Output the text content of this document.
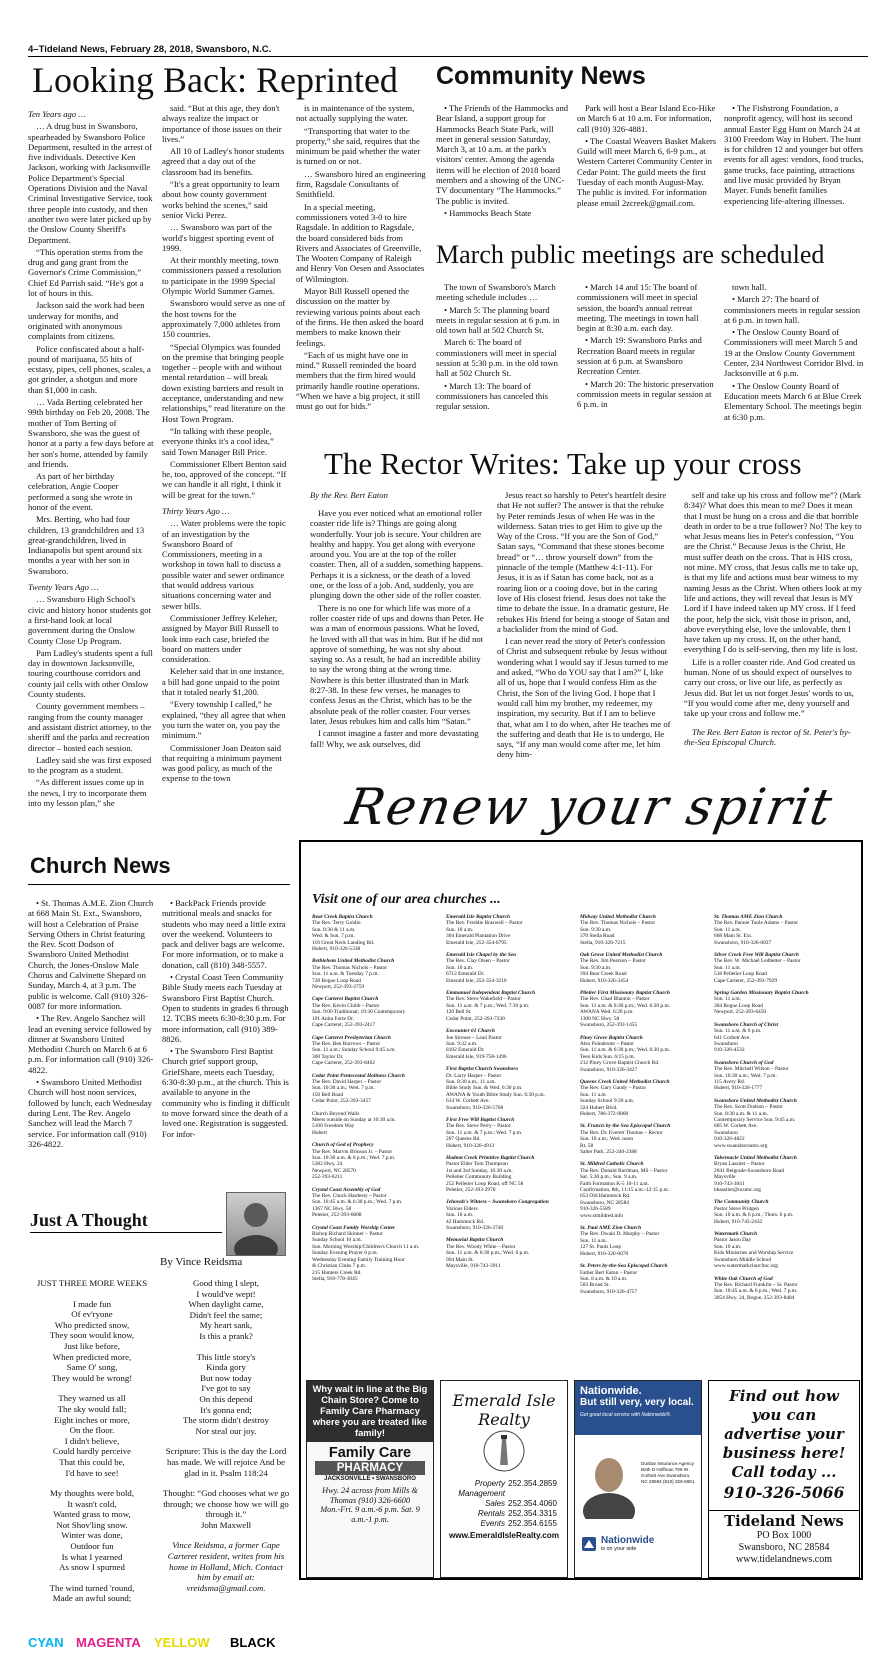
4–Tideland News, February 28, 2018, Swansboro, N.C.
Looking Back: Reprinted

Ten Years ago …

… A drug bust in Swansboro, spearheaded by Swansboro Police Department, resulted in the arrest of five individuals. Detective Ken Jackson, working with Jacksonville Police Department's Special Operations Division and the Naval Criminal Investigative Service, took three people into custody, and then another two were later picked up by the Onslow County Sheriff's Department.

“This operation stems from the drug and gang grant from the Governor's Crime Commission,” Chief Ed Parrish said. “He's got a lot of hours in this.

Jackson said the work had been underway for months, and originated with anonymous complaints from citizens.

Police confiscated about a half-pound of marijuana, 55 hits of ecstasy, pipes, cell phones, scales, a got grinder, a shotgun and more than $1,000 in cash.

… Vada Berting celebrated her 99th birthday on Feb 20, 2008. The mother of Tom Berting of Swansboro, she was the guest of honor at a party a few days before at her son's home, attended by family and friends.

As part of her birthday celebration, Angie Cooper performed a song she wrote in honor of the event.

Mrs. Berting, who had four children, 13 grandchildren and 13 great-grandchildren, lived in Indianapolis but spent around six months a year with her son in Swansboro.

Twenty Years Ago …

… Swansboro High School's civic and history honor students got a first-hand look at local government during the Onslow County Close Up Program.

Pam Ladley's students spent a full day in downtown Jacksonville, touring courthouse corridors and county jail cells with other Onslow County students.

County government members – ranging from the county manager and assistant district attorney, to the sheriff and the parks and recreation director – hosted each session.

Ladley said she was first exposed to the program as a student.

“As different issues come up in the news, I try to incorporate them into my lesson plan,” she

said. “But at this age, they don't always realize the impact or importance of those issues on their lives.”

All 10 of Ladley's honor students agreed that a day out of the classroom had its benefits.

“It's a great opportunity to learn about how county government works behind the scenes,” said senior Vicki Perez.

… Swansboro was part of the world's biggest sporting event of 1999.

At their monthly meeting, town commissioners passed a resolution to participate in the 1999 Special Olympic World Summer Games.

Swansboro would serve as one of the host towns for the approximately 7,000 athletes from 150 countries.

“Special Olympics was founded on the premise that bringing people together – people with and without mental retardation – will break down existing barriers and result in acceptance, understanding and new relationships,” read literature on the Host Town Program.

“In talking with these people, everyone thinks it's a cool idea,” said Town Manager Bill Price.

Commissioner Elbert Benton said he, too, approved of the concept. “If we can handle it all right, I think it will be great for the town.”

Thirty Years Ago …

… Water problems were the topic of an investigation by the Swansboro Board of Commissioners, meeting in a workshop in town hall to discuss a possible water and sewer ordinance that would address various situations concerning water and sewer bills.

Commissioner Jeffrey Keleher, assigned by Mayor Bill Russell to look into each case, briefed the board on matters under consideration.

Keleher said that in one instance, a bill had gone unpaid to the point that it totaled nearly $1,200.

“Every township I called,” he explained, “they all agree that when you turn the water on, you pay the minimum.”

Commissioner Joan Deaton said that requiring a minimum payment was good policy, as much of the expense to the town

is in maintenance of the system, not actually supplying the water.

“Transporting that water to the property,” she said, requires that the minimum be paid whether the water is turned on or not.

… Swansboro hired an engineering firm, Ragsdale Consultants of Smithfield.

In a special meeting, commissioners voted 3-0 to hire Ragsdale. In addition to Ragsdale, the board considered bids from Rivers and Associates of Greenville, The Wooten Company of Raleigh and Henry Von Oesen and Associates of Wilmington.

Mayor Bill Russell opened the discussion on the matter by reviewing various points about each of the firms. He then asked the board members to make known their feelings.

“Each of us might have one in mind.” Russell reminded the board members that the firm hired would primarily handle routine operations. “When we have a big project, it still must go out for bids.”

Community News

• The Friends of the Hammocks and Bear Island, a support group for Hammocks Beach State Park, will meet in general session Saturday, March 3, at 10 a.m. at the park's visitors' center. Among the agenda items will be election of 2018 board members and a showing of the UNC-TV documentary “The Hammocks.” The public is invited.

• Hammocks Beach State

Park will host a Bear Island Eco-Hike on March 6 at 10 a.m. For information, call (910) 326-4881.

• The Coastal Weavers Basket Makers Guild will meet March 6, 6-9 p.m., at Western Carteret Community Center in Cedar Point. The guild meets the first Tuesday of each month August-May. The public is invited. For information please email 2zcreek@gmail.com.

• The Fishstrong Foundation, a nonprofit agency, will host its second annual Easter Egg Hunt on March 24 at 3100 Freedom Way in Hubert. The hunt is for children 12 and younger but offers events for all ages: vendors, food trucks, game trucks, face painting, attractions and live music provided by Bryan Mayer. Funds benefit families experiencing life-altering illnesses.

March public meetings are scheduled

The town of Swansboro's March meeting schedule includes …

• March 5: The planning board meets in regular session at 6 p.m. in old town hall at 502 Church St.

March 6: The board of commissioners will meet in special session at 5:30 p.m. in the old town hall at 502 Church St.

• March 13: The board of commissioners has canceled this regular session.

• March 14 and 15: The board of commissioners will meet in special session, the board's annual retreat meeting. The meetings in town hall begin at 8:30 a.m. each day.

• March 19: Swansboro Parks and Recreation Board meets in regular session at 6 p.m. at Swansboro Recreation Center.

• March 20: The historic preservation commission meets in regular session at 6 p.m. in

town hall.

• March 27: The board of commissioners meets in regular session at 6 p.m. in town hall.

• The Onslow County Board of Commissioners will meet March 5 and 19 at the Onslow County Government Center, 234 Northwest Corridor Blvd. in Jacksonville at 6 p.m.

• The Onslow County Board of Education meets March 6 at Blue Creek Elementary School. The meetings begin at 6:30 p.m.

The Rector Writes: Take up your cross
By the Rev. Bert Eaton

Have you ever noticed what an emotional roller coaster ride life is? Things are going along wonderfully. Your job is secure. Your children are healthy and happy. You get along with everyone around you. You are at the top of the roller coaster. Then, all of a sudden, something happens. Perhaps it is a sickness, or the death of a loved one, or the loss of a job. And, suddenly, you are plunging down the other side of the roller coaster.

There is no one for which life was more of a roller coaster ride of ups and downs than Peter. He was a man of enormous passions. What he loved, he loved with all that was in him. But if he did not approve of something, he was not shy about saying so. As a result, he had an incredible ability to say the wrong thing at the wrong time. Nowhere is this better illustrated than in Mark 8:27-38. In these few verses, he manages to confess Jesus as the Christ, which has to be the absolute peak of the roller coaster. Four verses later, Jesus rebukes him and calls him “Satan.”

I cannot imagine a faster and more devastating fall! Why, we ask ourselves, did

Jesus react so harshly to Peter's heartfelt desire that He not suffer? The answer is that the rebuke by Peter reminds Jesus of when He was in the wilderness. Satan tries to get Him to give up the Way of the Cross. “If you are the Son of God,” Satan says, “Command that these stones become bread” or “… throw yourself down” from the pinnacle of the temple (Matthew 4:1-11). For Jesus, it is as if Satan has come back, not as a roaring lion or a cooing dove, but in the caring love of His closest friend. Jesus does not take the time to debate the issue. In a dramatic gesture, He rebukes His friend for being a stooge of Satan and a backslider from the mind of God.

I can never read the story of Peter's confession of Christ and subsequent rebuke by Jesus without wondering what I would say if Jesus turned to me and asked, “Who do YOU say that I am?” I, like all of us, hope that I would confess Him as the Christ, the Son of the living God. I hope that I would call him my brother, my redeemer, my inspiration, my security. But if I am to believe that, what am I to do when, after He teaches me of the suffering and death that He is to undergo, He says, “If any man would come after me, let him deny him-

self and take up his cross and follow me”? (Mark 8:34)? What does this mean to me? Does it mean that I must be hung on a cross and die that horrible death in order to be a true follower? No! The key to what Jesus means lies in Peter's confession, “You are the Christ.” Because Jesus is the Christ, He must suffer death on the cross. That is HIS cross, not mine. MY cross, that Jesus calls me to take up, is that my life and actions must bear witness to my naming Jesus as the Christ. When others look at my life and actions, they will reveal that Jesus is MY Lord if I have indeed taken up MY cross. If I feed the poor, help the sick, visit those in prison, and, above everything else, love the unlovable, then I have taken up my cross. If, on the other hand, everything I do is self-serving, then my life is lost.

Life is a roller coaster ride. And God created us human. None of us should expect of ourselves to carry our cross, or live our life, as perfectly as Jesus did. But let us not forget Jesus' words to us, “If you would come after me, deny yourself and take up your cross and follow me.”

The Rev. Bert Eaton is rector of St. Peter's by-the-Sea Episcopal Church.

Church News

• St. Thomas A.M.E. Zion Church at 668 Main St. Ext., Swansboro, will host a Celebration of Praise Serving Others in Christ featuring the Rev. Scott Dodson of Swansboro United Methodist Church, the Jones-Onslow Male Chorus and Calvinette Shepard on Sunday, March 4, at 3 p.m. The public is welcome. Call (910) 326-0087 for more information.

• The Rev. Angelo Sanchez will lead an evening service followed by dinner at Swansboro United Methodist Church on March 6 at 6 p.m. For information call (910) 326-4822.

• Swansboro United Methodist Church will host noon services, followed by lunch, each Wednesday during Lent. The Rev. Angelo Sanchez will lead the March 7 service. For information call (910) 326-4822.

• BackPack Friends provide nutritional meals and snacks for students who may need a little extra over the weekend. Volunteers to pack and deliver bags are welcome. For more information, or to make a donation, call (810) 348-5557.

• Crystal Coast Teen Community Bible Study meets each Tuesday at Swansboro First Baptist Church. Open to students in grades 6 through 12. TCBS meets 6:30-8:30 p.m. For more information, call (910) 389-8826.

• The Swansboro First Baptist Church grief support group, GriefShare, meets each Tuesday, 6:30-8:30 p.m., at the church. This is available to anyone in the community who is finding it difficult to move forward since the death of a loved one. Registration is suggested. For infor-

Just A Thought
By Vince Reidsma

JUST THREE MORE WEEKS

I made fun
Of ev'ryone
Who predicted snow,
They soon would know,
Just like before,
When predicted more,
Same O' song,
They would be wrong!

They warned us all
The sky would fall;
Eight inches or more,
On the floor.
I didn't believe,
Could hardly perceive
That this could be,
I'd have to see!

My thoughts were bold,
It wasn't cold,
Wanted grass to mow,
Not Shov'ling snow.
Winter was done,
Outdoor fun
Is what I yearned
As snow I spurned

The wind turned 'round,
Made an awful sound;

Good thing I slept,
I would've wept!
When daylight came,
Didn't feel the same;
My heart sank,
Is this a prank?

This little story's
Kinda gory
But now today
I've got to say
On this depend
It's gonna end;
The storm didn't destroy
Nor steal our joy.

Scripture: This is the day the Lord has made. We will rejoice And be glad in it. Psalm 118:24

Thought: “God chooses what we go through; we choose how we will go through it.”
John Maxwell

Vince Reidsma, a former Cape Carteret resident, writes from his home in Holland, Mich. Contact him by email at: vreidsma@gmail.com.

Renew your spirit
Visit one of our area churches ...
Bear Creek Baptist Church
The Rev. Terry Goldin
Sun. 8:30 & 11 a.m.
Wed. & Sun. 7 p.m.
116 Great Neck Landing Rd.
Hubert, 910-326-5338
Bethlehem United Methodist Church
The Rev. Thomas Nichols – Pastor
Sun. 11 a.m. & Tuesday 7 p.m.
728 Bogue Loop Road
Newport, 252-393-2759
Cape Carteret Baptist Church
The Rev. Kevin Clubb – Pastor
Sun. 9:00 Traditional; 10:30 Contemporary
101 Anita Forte Dr.
Cape Carteret, 252-393-2417
Cape Carteret Presbyterian Church
The Rev. Ben Burrows – Pastor
Sun. 11 a.m.; Sunday School 9:45 a.m.
300 Taylor Dr.
Cape Carteret, 252-393-8462
Cedar Point Pentecostal Holiness Church
The Rev. David Harper – Pastor
Sun. 10:30 a.m.; Wed. 7 p.m.
150 Bell Road
Cedar Point, 252-393-3457
Church Beyond Walls
Meets outside on Sunday at 10:30 a.m.
5100 Freedom Way
Hubert
Church of God of Prophecy
The Rev. Marvin Brinson Jr. – Pastor
Sun. 10:30 a.m. & 6 p.m.; Wed. 7 p.m.
5382 Hwy. 24
Newport, NC 28570
252-393-6211
Crystal Coast Assembly of God
The Rev. Chuck Hardesty – Pastor
Sun. 10:45 a.m. & 6:30 p.m.; Wed. 7 p.m.
1367 NC Hwy. 58
Peletier, 252-393-6808
Crystal Coast Family Worship Center
Bishop Richard Skinner – Pastor
Sunday School 10 a.m.
Sun. Morning Worship/Children's Church 11 a.m.
Sunday Evening Prayer 6 p.m.
Wednesday Evening Family Training Hour
& Christian Clubs 7 p.m.
215 Hunters Creek Rd.
Stella, 910-778-3045
Emerald Isle Baptist Church
The Rev. Freddie Braswell – Pastor
Sun. 10 a.m.
304 Emerald Plantation Drive
Emerald Isle, 252-354-6795
Emerald Isle Chapel by the Sea
The Rev. Clay Olsen – Pastor
Sun. 10 a.m.
6712 Emerald Dr.
Emerald Isle, 252-354-3210
Emmanuel Independent Baptist Church
The Rev. Steve Wakefield – Pastor
Sun. 11 a.m. & 7 p.m.; Wed. 7:30 p.m.
120 Bell St.
Cedar Point, 252-393-7330
Encounter 61 Church
Joe Strouse – Lead Pastor
Sun. 9:32 a.m.
8102 Emerald Dr.
Emerald Isle, 919-758-1496
First Baptist Church Swansboro
Dr. Larry Harper – Pastor
Sun. 8:30 a.m., 11 a.m.
Bible Study Sun. & Wed. 6:30 p.m.
AWANA & Youth Bible Study Sun. 6:30 p.m.
614 W. Corbett Ave.
Swansboro, 910-326-5768
First Free Will Baptist Church
The Rev. Steve Perry – Pastor
Sun. 11 a.m. & 7 p.m.; Wed. 7 p.m.
207 Queens Rd.
Hubert, 910-326-4913
Hadnot Creek Primitive Baptist Church
Pastor Elder Tom Thompson
1st and 3rd Sunday, 10:30 a.m.
Pelletier Community Building
252 Pelletier Loop Road, off NC 58
Peletier, 252-393-2976
Jehovah's Witness – Swansboro Congregation
Various Elders
Sun. 10 a.m.
42 Hammock Rd.
Swansboro, 910-326-3740
Memorial Baptist Church
The Rev. Woody White – Pastor
Sun. 11 a.m. & 6:30 p.m.; Wed. 6 p.m.
904 Main St.
Maysville, 910-743-3911
Midway United Methodist Church
The Rev. Thomas Nichols – Pastor
Sun. 9:30 a.m.
370 Stella Road
Stella, 910-326-7215
Oak Grove United Methodist Church
The Rev. Jim Pearson – Pastor
Sun. 9:30 a.m.
394 Bear Creek Road
Hubert, 910-326-3454
Piletier First Missionary Baptist Church
The Rev. Chad Blanton – Pastor
Sun. 11 a.m. & 6:30 p.m.; Wed. 6:30 p.m.
AWANA Wed. 6:20 p.m.
1300 NC Hwy. 58
Swansboro, 252-393-1455
Piney Grove Baptist Church
Alex Poindexter – Pastor
Sun. 11 a.m. & 6:30 p.m.; Wed. 6:30 p.m.
Teen Kids Sun. 6:15 p.m.
212 Piney Grove Baptist Church Rd.
Swansboro, 910-326-3427
Queens Creek United Methodist Church
The Rev. Gary Gandy – Pastor
Sun. 11 a.m.
Sunday School 9:30 a.m.
324 Hubert Blvd.
Hubert, 786-372-9860
St. Francis by the Sea Episcopal Church
The Rev. Dr. Everett Thomas – Rector
Sun. 10 a.m.; Wed. noon
Rt. 58
Salter Path, 252-240-2388
St. Mildred Catholic Church
The Rev. Donald Burdman, MS – Pastor
Sat. 5:30 p.m.; Sun. 9 a.m.
Faith Formation K-5 10-11 a.m.
Confirmation, 8th, 11:15 a.m.-12:15 p.m.
653 Old Hammock Rd.
Swansboro, NC 28584
910-326-5589
www.stmildred.info
St. Paul AME Zion Church
The Rev. Dwain D. Murphy – Pastor
Sun. 11 a.m.
127 St. Pauls Loop
Hubert, 910-326-6070
St. Peters by-the-Sea Episcopal Church
Father Bert Eaton – Pastor
Sun. 8 a.m. & 10 a.m.
503 Broad St.
Swansboro, 910-326-4757
St. Thomas AME Zion Church
The Rev. Pannie Toole Adams – Pastor
Sun. 11 a.m.
668 Main St. Ext.
Swansboro, 910-326-0037
Silver Creek Free Will Baptist Church
The Rev. W. Michael Ledbetter – Pastor
Sun. 11 a.m.
518 Pelletier Loop Road
Cape Carteret, 252-393-7929
Spring Garden Missionary Baptist Church
Sun. 11 a.m.
304 Bogue Loop Road
Newport, 252-393-6450
Swansboro Church of Christ
Sun. 11 a.m. & 6 p.m.
641 Corbett Ave.
Swansboro
910-326-4532
Swansboro Church of God
The Rev. Mitchell Wilson – Pastor
Sun. 10:30 a.m.; Wed. 7 p.m.
115 Avery Rd.
Hubert, 910-326-1777
Swansboro United Methodist Church
The Rev. Scott Dodson – Pastor
Sun. 8:30 a.m. & 11 a.m.
Contemporary Service Sun. 9:45 a.m.
665 W. Corbett Ave.
Swansboro
910-326-4822
www.swansboroumc.org
Tabernacle United Methodist Church
Bryan Lassiter – Pastor
2041 Belgrade-Swansboro Road
Maysville
910-743-3041
bhassiter@ncumc.org
The Community Church
Pastor Steve Pridgen
Sun. 10 a.m. & 6 p.m.; Thurs. 6 p.m.
Hubert, 910-743-2432
Watermark Church
Pastor Jason Day
Sun. 10 a.m.
Kids Ministries and Worship Service
Swansboro Middle School
www.watermarkchurchnc.org
White Oak Church of God
The Rev. Richard Franklin – Sr. Pastor
Sun. 10:45 a.m. & 6 p.m.; Wed. 7 p.m.
3054 Hwy. 24, Bogue, 252-393-8484
Why wait in line at the Big Chain Store? Come to Family Care Pharmacy where you are treated like family!
Family Care
PHARMACY
JACKSONVILLE • SWANSBORO
Hwy. 24 across from Mills & Thomas (910) 326-6600
Mon.-Fri. 9 a.m.-6 p.m. Sat. 9 a.m.-1 p.m.
Emerald Isle
Realty
Property Management
252.354.2859
Sales 252.354.4060
Rentals 252.354.3315
Events 252.354.6155
www.EmeraldIsleRealty.com
Nationwide.
But still very, very local.
Get great local service with Nationwide®.
Dunbar Insurance Agency Beth D Hoffman 706 W Corbett Ave Swansboro, NC 28584 (910) 326-5861
Nationwide
is on your side
Find out how you can advertise your business here! Call today ...
910-326-5066
Tideland News
PO Box 1000
Swansboro, NC 28584
www.tidelandnews.com
CYAN MAGENTA YELLOW BLACK
